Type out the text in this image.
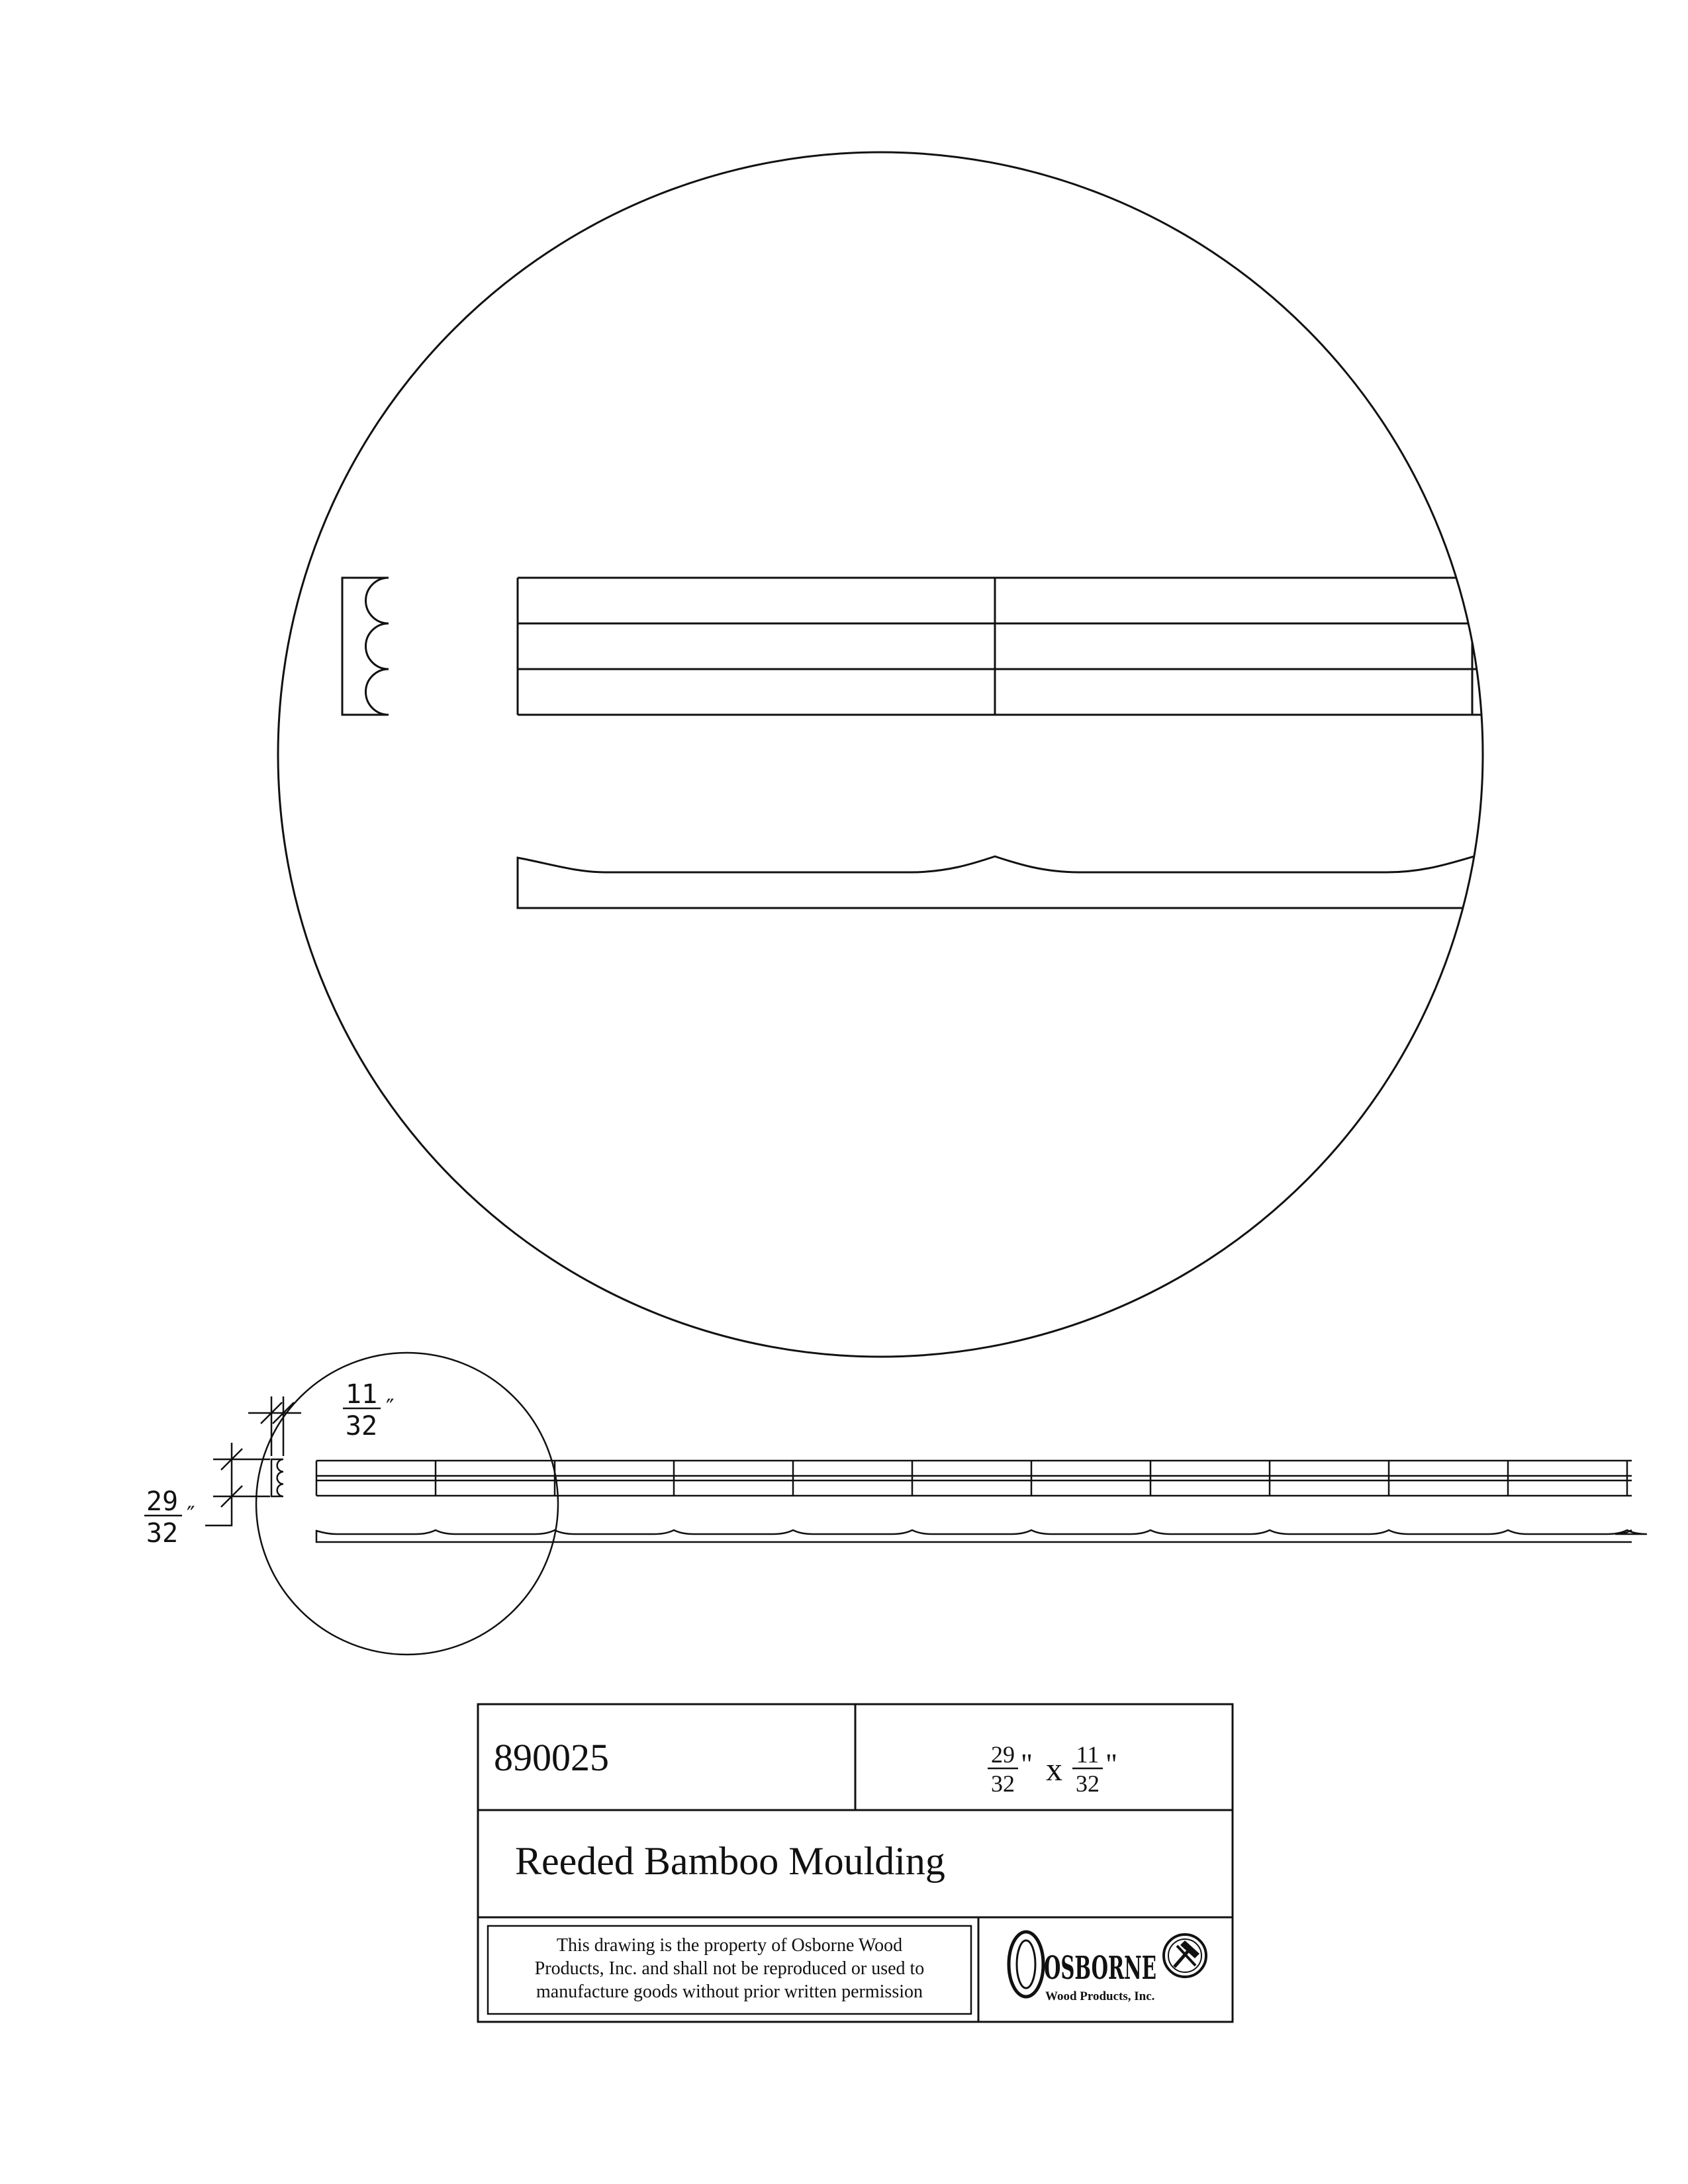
29
32
″
11
32
″
890025	29
32
" x 11
32
"
Reeded Bamboo Moulding
This drawing is the property of Osborne Wood
Products, Inc. and shall not be reproduced or used to
manufacture goods without prior written permission
OSBORNE
Wood Products, Inc.
